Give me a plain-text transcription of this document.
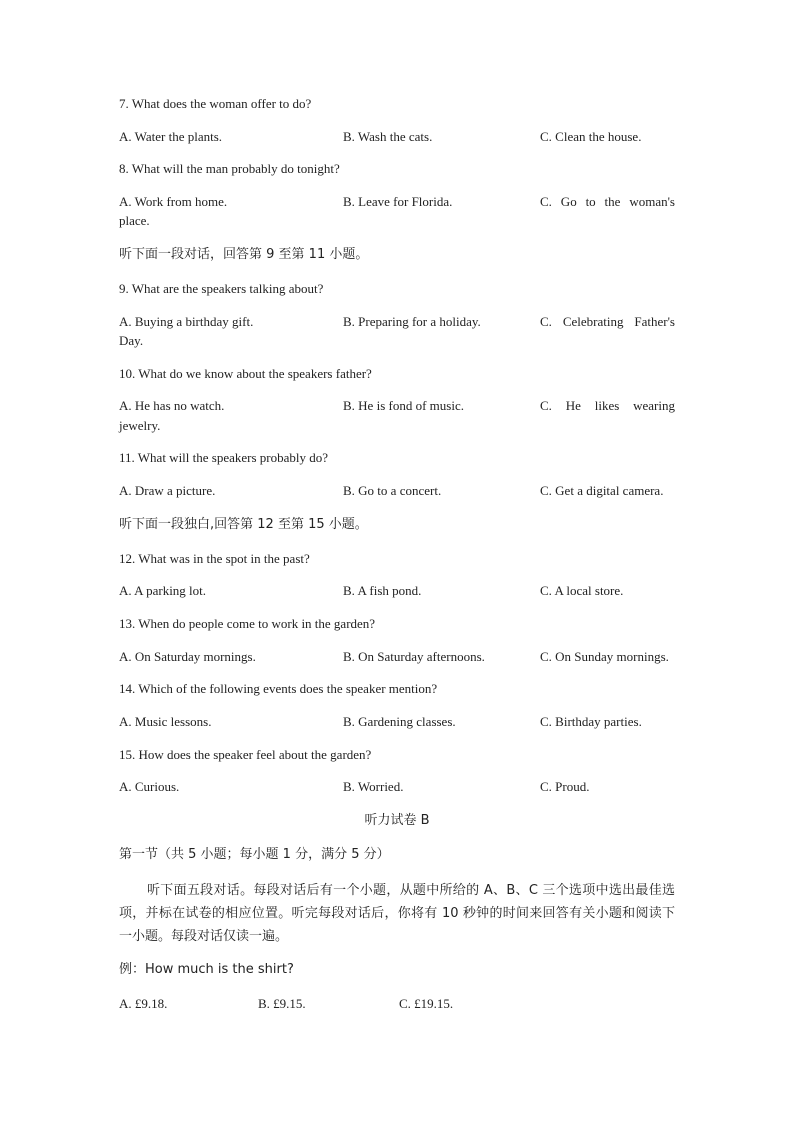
7. What does the woman offer to do?
A. Water the plants.	B. Wash the cats.	C. Clean the house.
8. What will the man probably do tonight?
A. Work from home.	B. Leave for Florida.	C. Go to the woman's
place.
听下面一段对话，回答第 9 至第 11 小题。
9. What are the speakers talking about?
A. Buying a birthday gift.	B. Preparing for a holiday.	C. Celebrating Father's
Day.
10. What do we know about the speakers father?
A. He has no watch.	B. He is fond of music.	C. He likes wearing
jewelry.
11. What will the speakers probably do?
A. Draw a picture.	B. Go to a concert.	C. Get a digital camera.
听下面一段独白,回答第 12 至第 15 小题。
12. What was in the spot in the past?
A. A parking lot.	B. A fish pond.	C. A local store.
13. When do people come to work in the garden?
A. On Saturday mornings.	B. On Saturday afternoons.	C. On Sunday mornings.
14. Which of the following events does the speaker mention?
A. Music lessons.	B. Gardening classes.	C. Birthday parties.
15. How does the speaker feel about the garden?
A. Curious.	B. Worried.	C. Proud.
听力试卷 B
第一节（共 5 小题；每小题 1 分，满分 5 分）
听下面五段对话。每段对话后有一个小题，从题中所给的 A、B、C 三个选项中选出最佳选项，并标在试卷的相应位置。听完每段对话后，你将有 10 秒钟的时间来回答有关小题和阅读下一小题。每段对话仅读一遍。
例：How much is the shirt?
A. £9.18.	B. £9.15.	C. £19.15.
